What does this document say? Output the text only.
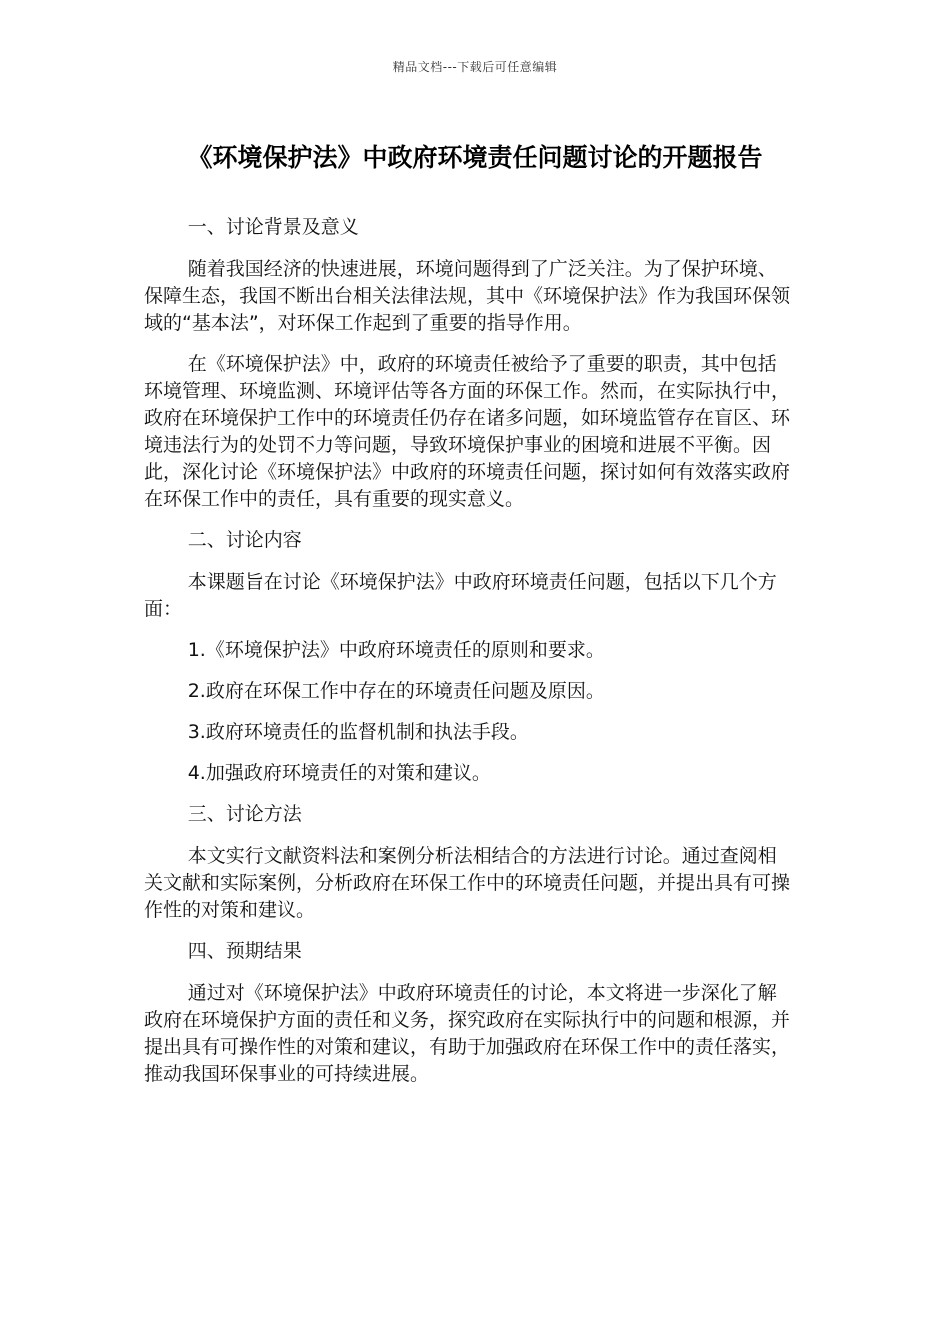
精品文档---下载后可任意编辑
《环境保护法》中政府环境责任问题讨论的开题报告

一、讨论背景及意义

随着我国经济的快速进展，环境问题得到了广泛关注。为了保护环境、保障生态，我国不断出台相关法律法规，其中《环境保护法》作为我国环保领域的“基本法”，对环保工作起到了重要的指导作用。

在《环境保护法》中，政府的环境责任被给予了重要的职责，其中包括环境管理、环境监测、环境评估等各方面的环保工作。然而，在实际执行中，政府在环境保护工作中的环境责任仍存在诸多问题，如环境监管存在盲区、环境违法行为的处罚不力等问题，导致环境保护事业的困境和进展不平衡。因此，深化讨论《环境保护法》中政府的环境责任问题，探讨如何有效落实政府在环保工作中的责任，具有重要的现实意义。

二、讨论内容

本课题旨在讨论《环境保护法》中政府环境责任问题，包括以下几个方面：

1.《环境保护法》中政府环境责任的原则和要求。

2.政府在环保工作中存在的环境责任问题及原因。

3.政府环境责任的监督机制和执法手段。

4.加强政府环境责任的对策和建议。

三、讨论方法

本文实行文献资料法和案例分析法相结合的方法进行讨论。通过查阅相关文献和实际案例，分析政府在环保工作中的环境责任问题，并提出具有可操作性的对策和建议。

四、预期结果

通过对《环境保护法》中政府环境责任的讨论，本文将进一步深化了解政府在环境保护方面的责任和义务，探究政府在实际执行中的问题和根源，并提出具有可操作性的对策和建议，有助于加强政府在环保工作中的责任落实，推动我国环保事业的可持续进展。
